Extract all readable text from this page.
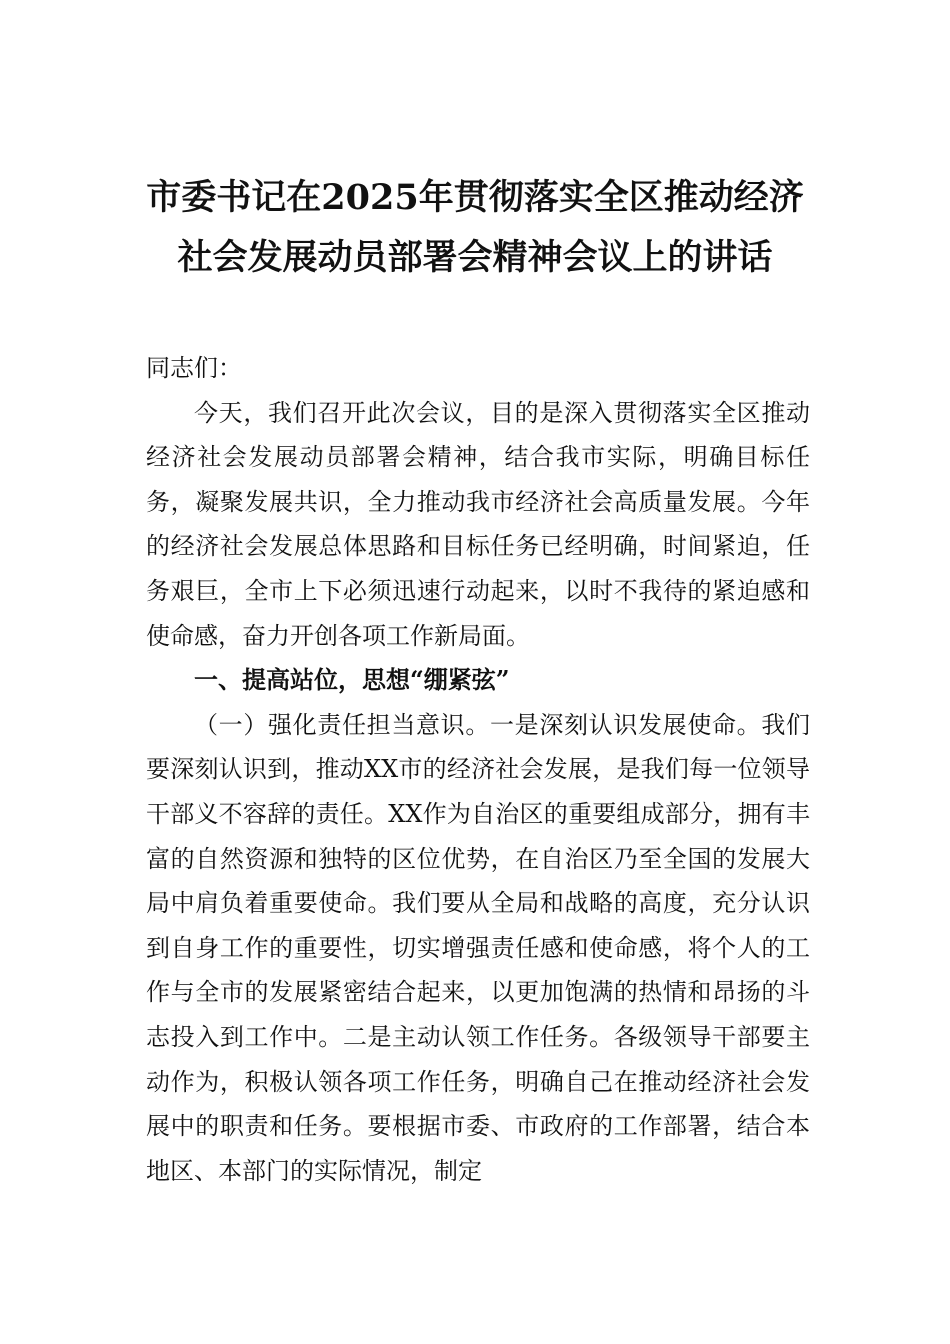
市委书记在2025年贯彻落实全区推动经济
社会发展动员部署会精神会议上的讲话

同志们：

今天，我们召开此次会议，目的是深入贯彻落实全区推动经济社会发展动员部署会精神，结合我市实际，明确目标任务，凝聚发展共识，全力推动我市经济社会高质量发展。今年的经济社会发展总体思路和目标任务已经明确，时间紧迫，任务艰巨，全市上下必须迅速行动起来，以时不我待的紧迫感和使命感，奋力开创各项工作新局面。

一、提高站位，思想“绷紧弦”

（一）强化责任担当意识。一是深刻认识发展使命。我们要深刻认识到，推动XX市的经济社会发展，是我们每一位领导干部义不容辞的责任。XX作为自治区的重要组成部分，拥有丰富的自然资源和独特的区位优势，在自治区乃至全国的发展大局中肩负着重要使命。我们要从全局和战略的高度，充分认识到自身工作的重要性，切实增强责任感和使命感，将个人的工作与全市的发展紧密结合起来，以更加饱满的热情和昂扬的斗志投入到工作中。二是主动认领工作任务。各级领导干部要主动作为，积极认领各项工作任务，明确自己在推动经济社会发展中的职责和任务。要根据市委、市政府的工作部署，结合本地区、本部门的实际情况，制定
